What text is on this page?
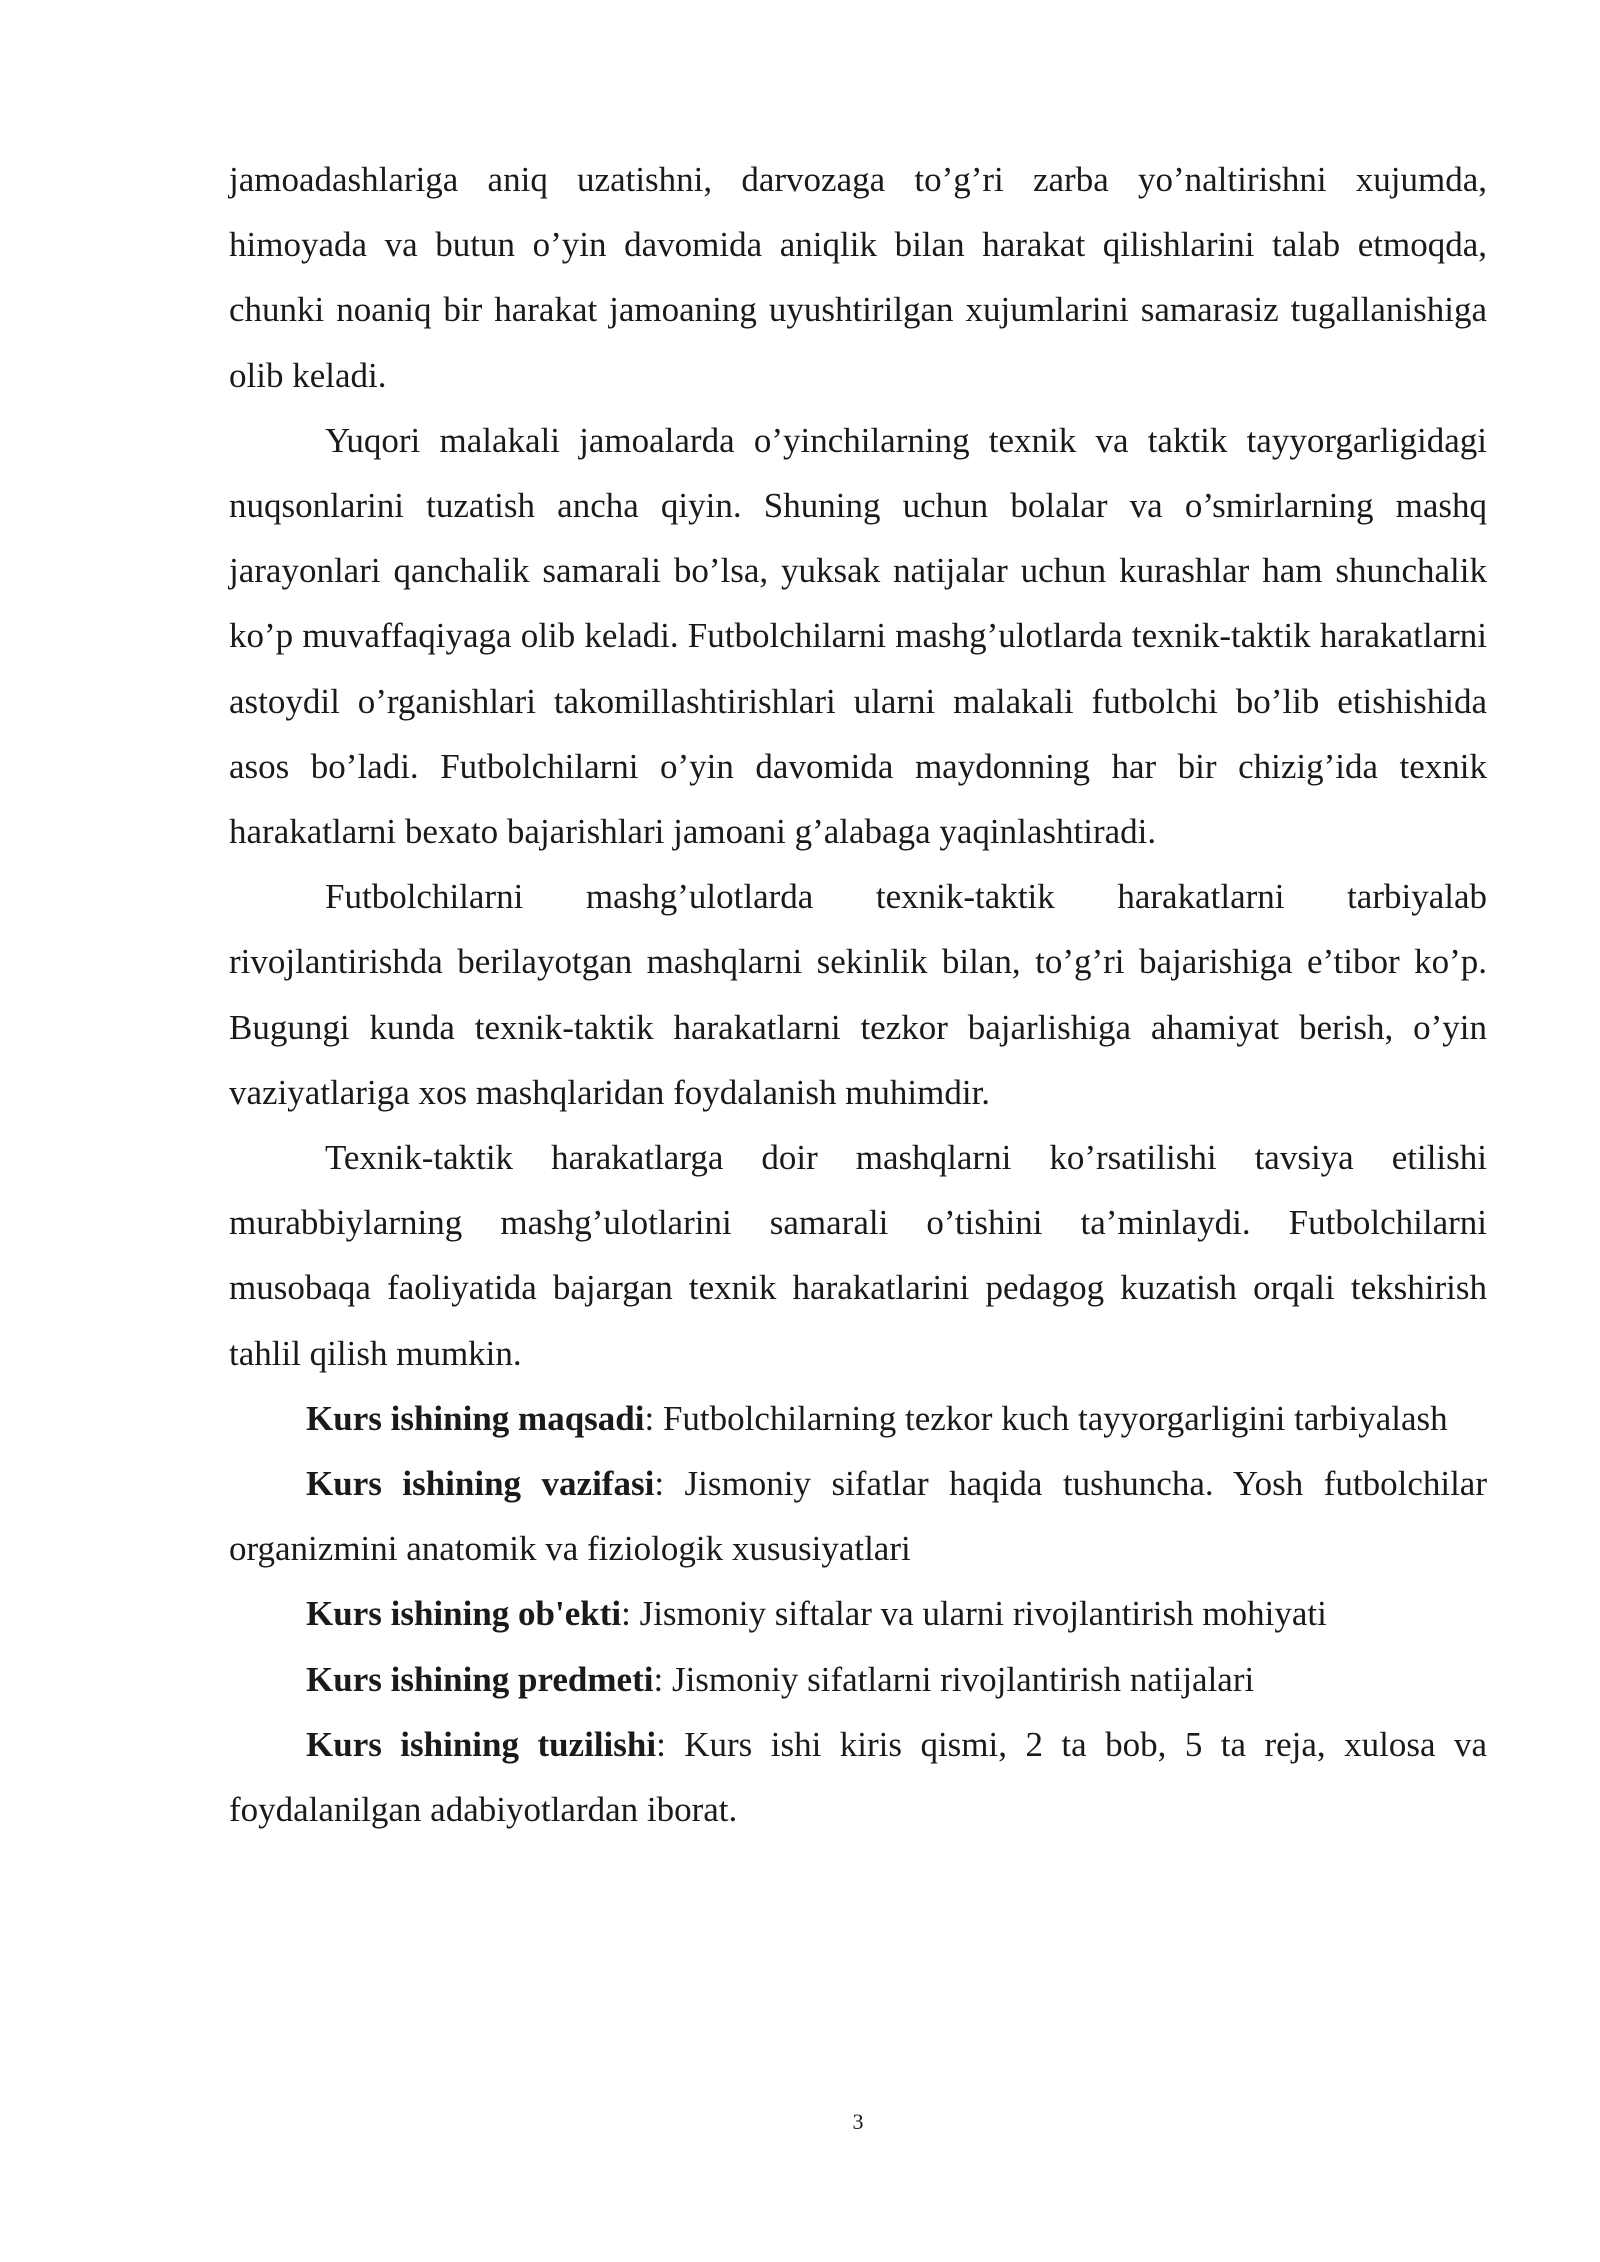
jamoadashlariga aniq uzatishni, darvozaga to’g’ri zarba yo’naltirishni xujumda, himoyada va butun o’yin davomida aniqlik bilan harakat qilishlarini talab etmoqda, chunki noaniq bir harakat jamoaning uyushtirilgan xujumlarini samarasiz tugallanishiga olib keladi.

Yuqori malakali jamoalarda o’yinchilarning texnik va taktik tayyorgarligidagi nuqsonlarini tuzatish ancha qiyin. Shuning uchun bolalar va o’smirlarning mashq jarayonlari qanchalik samarali bo’lsa, yuksak natijalar uchun kurashlar ham shunchalik ko’p muvaffaqiyaga olib keladi. Futbolchilarni mashg’ulotlarda texnik-taktik harakatlarni astoydil o’rganishlari takomillashtirishlari ularni malakali futbolchi bo’lib etishishida asos bo’ladi. Futbolchilarni o’yin davomida maydonning har bir chizig’ida texnik harakatlarni bexato bajarishlari jamoani g’alabaga yaqinlashtiradi.

Futbolchilarni mashg’ulotlarda texnik-taktik harakatlarni tarbiyalab rivojlantirishda berilayotgan mashqlarni sekinlik bilan, to’g’ri bajarishiga e’tibor ko’p. Bugungi kunda texnik-taktik harakatlarni tezkor bajarlishiga ahamiyat berish, o’yin vaziyatlariga xos mashqlaridan foydalanish muhimdir.

Texnik-taktik harakatlarga doir mashqlarni ko’rsatilishi tavsiya etilishi murabbiylarning mashg’ulotlarini samarali o’tishini ta’minlaydi. Futbolchilarni musobaqa faoliyatida bajargan texnik harakatlarini pedagog kuzatish orqali tekshirish tahlil qilish mumkin.

Kurs ishining maqsadi: Futbolchilarning tezkor kuch tayyorgarligini tarbiyalash

Kurs ishining vazifasi: Jismoniy sifatlar haqida tushuncha. Yosh futbolchilar organizmini anatomik va fiziologik xususiyatlari

Kurs ishining ob'ekti: Jismoniy siftalar va ularni rivojlantirish mohiyati

Kurs ishining predmeti: Jismoniy sifatlarni rivojlantirish natijalari

Kurs ishining tuzilishi: Kurs ishi kiris qismi, 2 ta bob, 5 ta reja, xulosa va foydalanilgan adabiyotlardan iborat.

3
